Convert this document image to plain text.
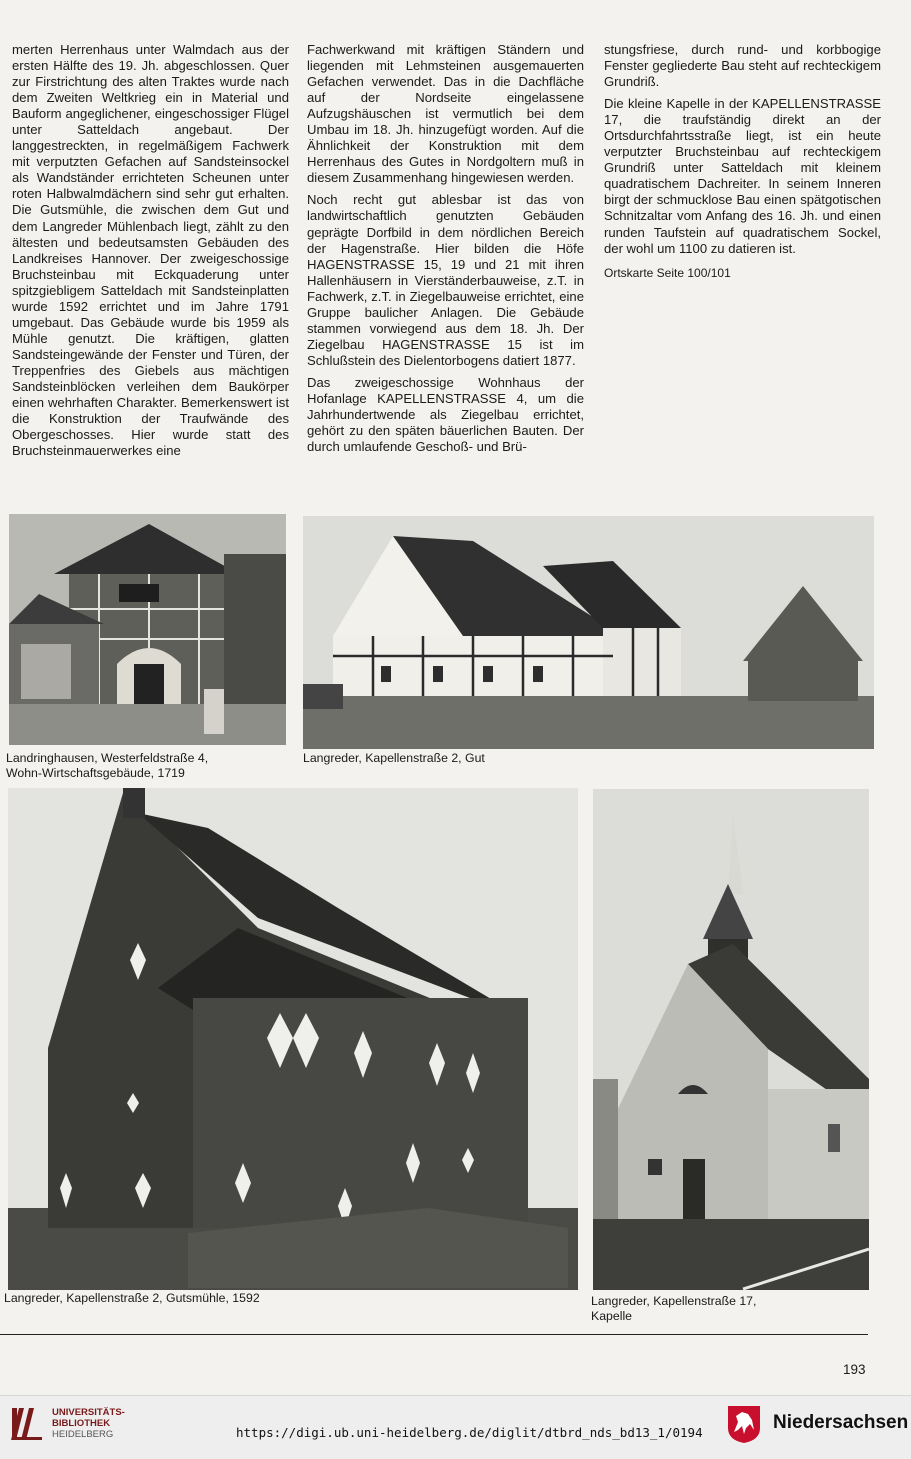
merten Herrenhaus unter Walmdach aus der ersten Hälfte des 19. Jh. abgeschlossen. Quer zur Firstrichtung des alten Traktes wurde nach dem Zweiten Weltkrieg ein in Material und Bauform angeglichener, eingeschossiger Flügel unter Satteldach angebaut. Der langgestreckten, in regelmäßigem Fachwerk mit verputzten Gefachen auf Sandsteinsockel als Wandständer errichteten Scheunen unter roten Halbwalmdächern sind sehr gut erhalten. Die Gutsmühle, die zwischen dem Gut und dem Langreder Mühlenbach liegt, zählt zu den ältesten und bedeutsamsten Gebäuden des Landkreises Hannover. Der zweigeschossige Bruchsteinbau mit Eckquaderung unter spitzgiebligem Satteldach mit Sandsteinplatten wurde 1592 errichtet und im Jahre 1791 umgebaut. Das Gebäude wurde bis 1959 als Mühle genutzt. Die kräftigen, glatten Sandsteingewände der Fenster und Türen, der Treppenfries des Giebels aus mächtigen Sandsteinblöcken verleihen dem Baukörper einen wehrhaften Charakter. Bemerkenswert ist die Konstruktion der Traufwände des Obergeschosses. Hier wurde statt des Bruchsteinmauerwerkes eine

Fachwerkwand mit kräftigen Ständern und liegenden mit Lehmsteinen ausgemauerten Gefachen verwendet. Das in die Dachfläche auf der Nordseite eingelassene Aufzugshäuschen ist vermutlich bei dem Umbau im 18. Jh. hinzugefügt worden. Auf die Ähnlichkeit der Konstruktion mit dem Herrenhaus des Gutes in Nordgoltern muß in diesem Zusammenhang hingewiesen werden.

Noch recht gut ablesbar ist das von landwirtschaftlich genutzten Gebäuden geprägte Dorfbild in dem nördlichen Bereich der Hagenstraße. Hier bilden die Höfe HAGENSTRASSE 15, 19 und 21 mit ihren Hallenhäusern in Vierständerbauweise, z.T. in Fachwerk, z.T. in Ziegelbauweise errichtet, eine Gruppe baulicher Anlagen. Die Gebäude stammen vorwiegend aus dem 18. Jh. Der Ziegelbau HAGENSTRASSE 15 ist im Schlußstein des Dielentorbogens datiert 1877.

Das zweigeschossige Wohnhaus der Hofanlage KAPELLENSTRASSE 4, um die Jahrhundertwende als Ziegelbau errichtet, gehört zu den späten bäuerlichen Bauten. Der durch umlaufende Geschoß- und Brü-

stungsfriese, durch rund- und korbbogige Fenster gegliederte Bau steht auf rechteckigem Grundriß.

Die kleine Kapelle in der KAPELLENSTRASSE 17, die traufständig direkt an der Ortsdurchfahrtsstraße liegt, ist ein heute verputzter Bruchsteinbau auf rechteckigem Grundriß unter Satteldach mit kleinem quadratischem Dachreiter. In seinem Inneren birgt der schmucklose Bau einen spätgotischen Schnitzaltar vom Anfang des 16. Jh. und einen runden Taufstein auf quadratischem Sockel, der wohl um 1100 zu datieren ist.

Ortskarte Seite 100/101
Landringhausen, Westerfeldstraße 4,
Wohn-Wirtschaftsgebäude, 1719
Langreder, Kapellenstraße 2, Gut
Langreder, Kapellenstraße 2, Gutsmühle, 1592	Langreder, Kapellenstraße 17,
Kapelle
193
UNIVERSITÄTS-
BIBLIOTHEK
HEIDELBERG	https://digi.ub.uni-heidelberg.de/diglit/dtbrd_nds_bd13_1/0194	Niedersachsen
